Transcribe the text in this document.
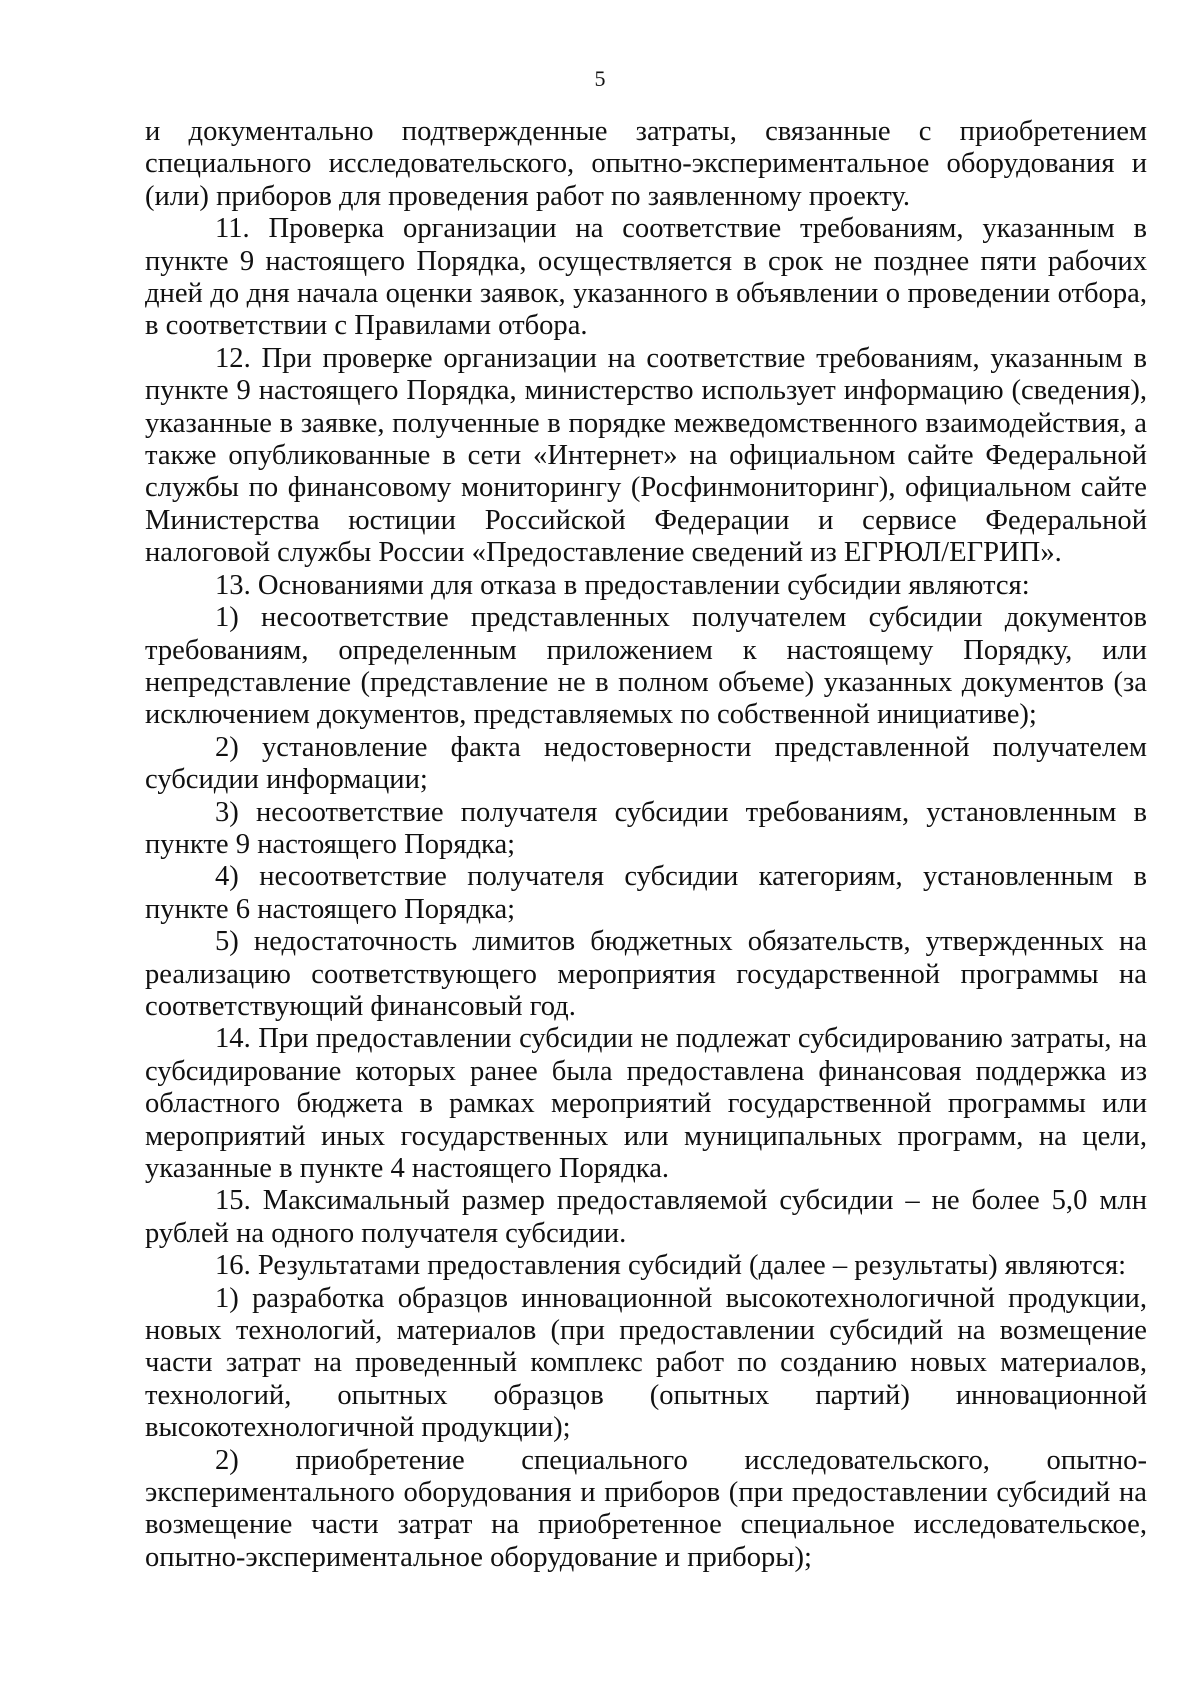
5

и документально подтвержденные затраты, связанные с приобретением специального исследовательского, опытно-экспериментальное оборудования и (или) приборов для проведения работ по заявленному проекту.

11. Проверка организации на соответствие требованиям, указанным в пункте 9 настоящего Порядка, осуществляется в срок не позднее пяти рабочих дней до дня начала оценки заявок, указанного в объявлении о проведении отбора, в соответствии с Правилами отбора.

12. При проверке организации на соответствие требованиям, указанным в пункте 9 настоящего Порядка, министерство использует информацию (сведения), указанные в заявке, полученные в порядке межведомственного взаимодействия, а также опубликованные в сети «Интернет» на официальном сайте Федеральной службы по финансовому мониторингу (Росфинмониторинг), официальном сайте Министерства юстиции Российской Федерации и сервисе Федеральной налоговой службы России «Предоставление сведений из ЕГРЮЛ/ЕГРИП».

13. Основаниями для отказа в предоставлении субсидии являются:

1) несоответствие представленных получателем субсидии документов требованиям, определенным приложением к настоящему Порядку, или непредставление (представление не в полном объеме) указанных документов (за исключением документов, представляемых по собственной инициативе);

2) установление факта недостоверности представленной получателем субсидии информации;

3) несоответствие получателя субсидии требованиям, установленным в пункте 9 настоящего Порядка;

4) несоответствие получателя субсидии категориям, установленным в пункте 6 настоящего Порядка;

5) недостаточность лимитов бюджетных обязательств, утвержденных на реализацию соответствующего мероприятия государственной программы на соответствующий финансовый год.

14. При предоставлении субсидии не подлежат субсидированию затраты, на субсидирование которых ранее была предоставлена финансовая поддержка из областного бюджета в рамках мероприятий государственной программы или мероприятий иных государственных или муниципальных программ, на цели, указанные в пункте 4 настоящего Порядка.

15. Максимальный размер предоставляемой субсидии – не более 5,0 млн рублей на одного получателя субсидии.

16. Результатами предоставления субсидий (далее – результаты) являются:

1) разработка образцов инновационной высокотехнологичной продукции, новых технологий, материалов (при предоставлении субсидий на возмещение части затрат на проведенный комплекс работ по созданию новых материалов, технологий, опытных образцов (опытных партий) инновационной высокотехнологичной продукции);

2) приобретение специального исследовательского, опытно-экспериментального оборудования и приборов (при предоставлении субсидий на возмещение части затрат на приобретенное специальное исследовательское, опытно-экспериментальное оборудование и приборы);
